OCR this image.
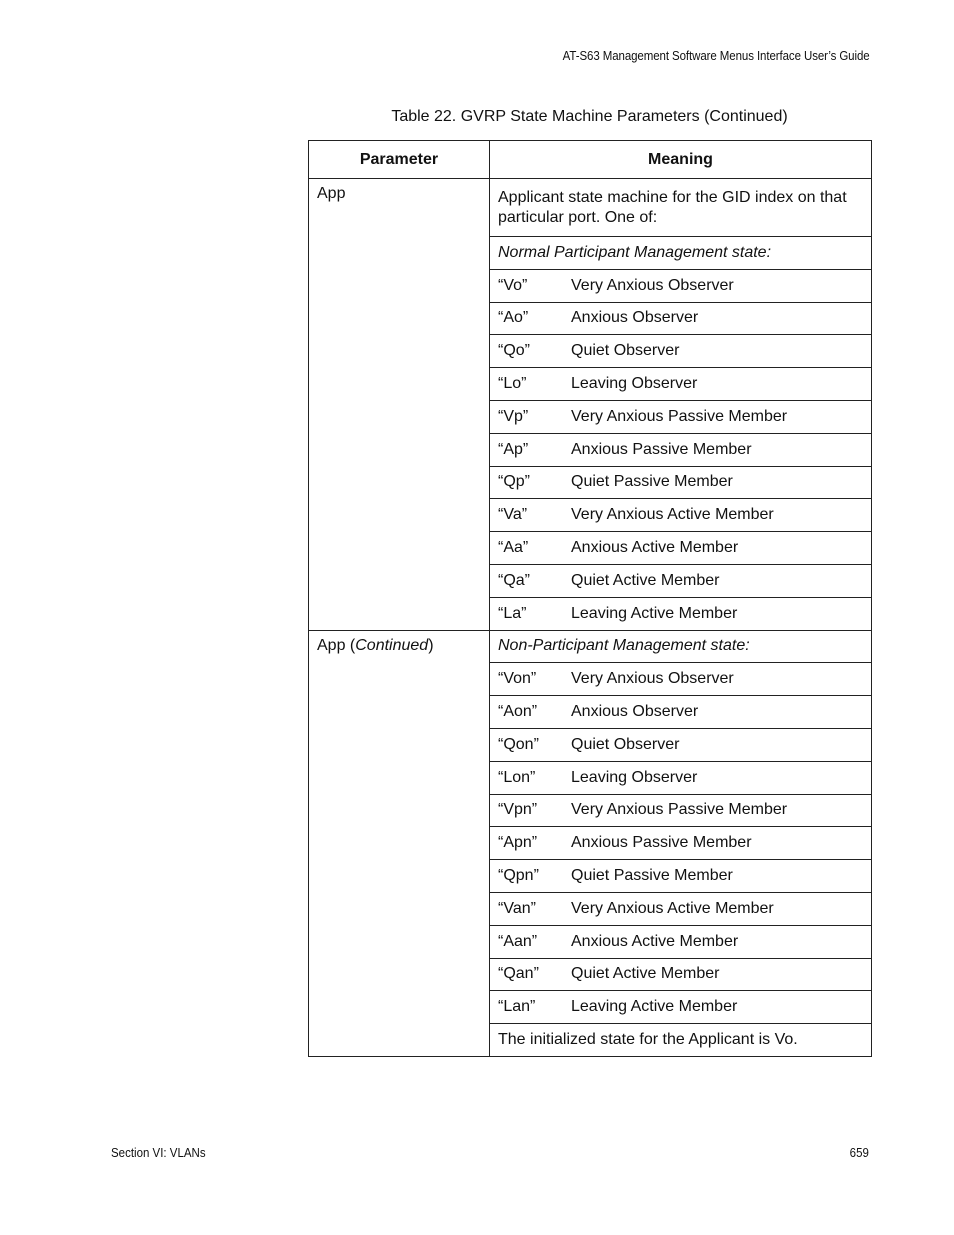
AT-S63 Management Software Menus Interface User’s Guide
Table 22. GVRP State Machine Parameters (Continued)
Parameter	Meaning
App	Applicant state machine for the GID index on that particular port. One of:
	Normal Participant Management state:
	“Vo” Very Anxious Observer
	“Ao” Anxious Observer
	“Qo” Quiet Observer
	“Lo” Leaving Observer
	“Vp” Very Anxious Passive Member
	“Ap” Anxious Passive Member
	“Qp” Quiet Passive Member
	“Va” Very Anxious Active Member
	“Aa” Anxious Active Member
	“Qa” Quiet Active Member
	“La” Leaving Active Member
App (Continued)	Non-Participant Management state:
	“Von” Very Anxious Observer
	“Aon” Anxious Observer
	“Qon” Quiet Observer
	“Lon” Leaving Observer
	“Vpn” Very Anxious Passive Member
	“Apn” Anxious Passive Member
	“Qpn” Quiet Passive Member
	“Van” Very Anxious Active Member
	“Aan” Anxious Active Member
	“Qan” Quiet Active Member
	“Lan” Leaving Active Member
	The initialized state for the Applicant is Vo.
Section VI: VLANs	659
